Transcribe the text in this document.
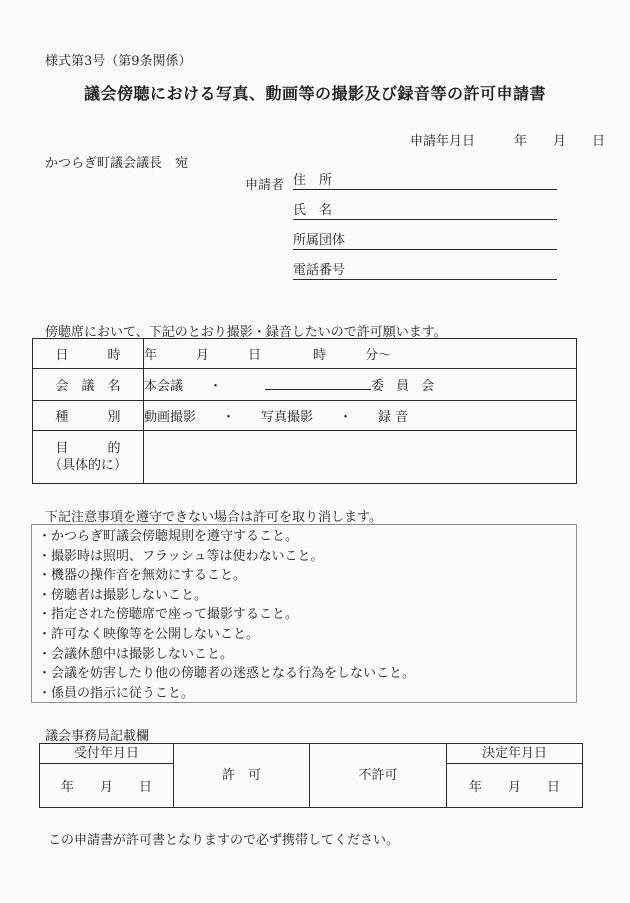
様式第3号（第9条関係）
議会傍聴における写真、動画等の撮影及び録音等の許可申請書
申請年月日　　　年　　月　　日
かつらぎ町議会議長　宛
申請者 住　所
氏　名
所属団体
電話番号
傍聴席において、下記のとおり撮影・録音したいので許可願います。
日　　　時	年　　　月　　　日　　　　時　　　分～
会　議　名	本会議　　・ 委 員 会
種　　　別	動画撮影　　・　　写真撮影　　・　　録 音

目　　　的
（具体的に）	

下記注意事項を遵守できない場合は許可を取り消します。
・かつらぎ町議会傍聴規則を遵守すること。
・撮影時は照明、フラッシュ等は使わないこと。
・機器の操作音を無効にすること。
・傍聴者は撮影しないこと。
・指定された傍聴席で座って撮影すること。
・許可なく映像等を公開しないこと。
・会議休憩中は撮影しないこと。
・会議を妨害したり他の傍聴者の迷惑となる行為をしないこと。
・係員の指示に従うこと。
議会事務局記載欄
受付年月日	許　可	不許可	決定年月日
年　　月　　日			年　　月　　日
この申請書が許可書となりますので必ず携帯してください。
